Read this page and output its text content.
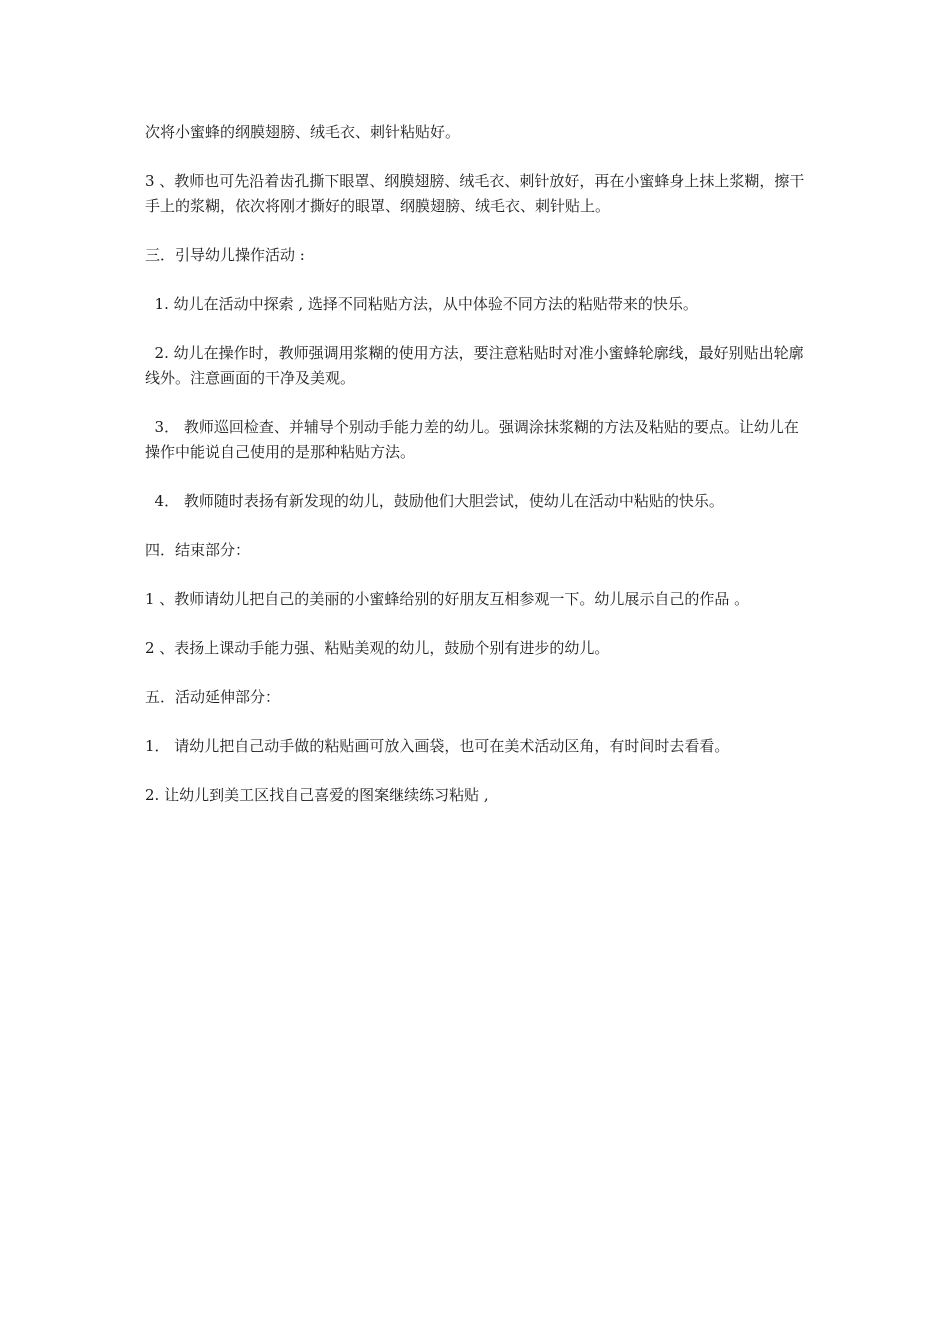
次将小蜜蜂的纲膜翅膀、绒毛衣、刺针粘贴好。

3 、教师也可先沿着齿孔撕下眼罩、纲膜翅膀、绒毛衣、刺针放好，再在小蜜蜂身上抹上浆糊，擦干手上的浆糊，依次将刚才撕好的眼罩、纲膜翅膀、绒毛衣、刺针贴上。

三．引导幼儿操作活动 :

1. 幼儿在活动中探索 , 选择不同粘贴方法，从中体验不同方法的粘贴带来的快乐。

2. 幼儿在操作时，教师强调用浆糊的使用方法，要注意粘贴时对准小蜜蜂轮廓线，最好别贴出轮廓线外。注意画面的干净及美观。

3． 教师巡回检查、并辅导个别动手能力差的幼儿。强调涂抹浆糊的方法及粘贴的要点。让幼儿在操作中能说自己使用的是那种粘贴方法。

4． 教师随时表扬有新发现的幼儿，鼓励他们大胆尝试，使幼儿在活动中粘贴的快乐。

四．结束部分：

1 、教师请幼儿把自己的美丽的小蜜蜂给别的好朋友互相参观一下。幼儿展示自己的作品 。

2 、表扬上课动手能力强、粘贴美观的幼儿，鼓励个别有进步的幼儿。

五．活动延伸部分：

1． 请幼儿把自己动手做的粘贴画可放入画袋，也可在美术活动区角，有时间时去看看。

2. 让幼儿到美工区找自己喜爱的图案继续练习粘贴 ,
